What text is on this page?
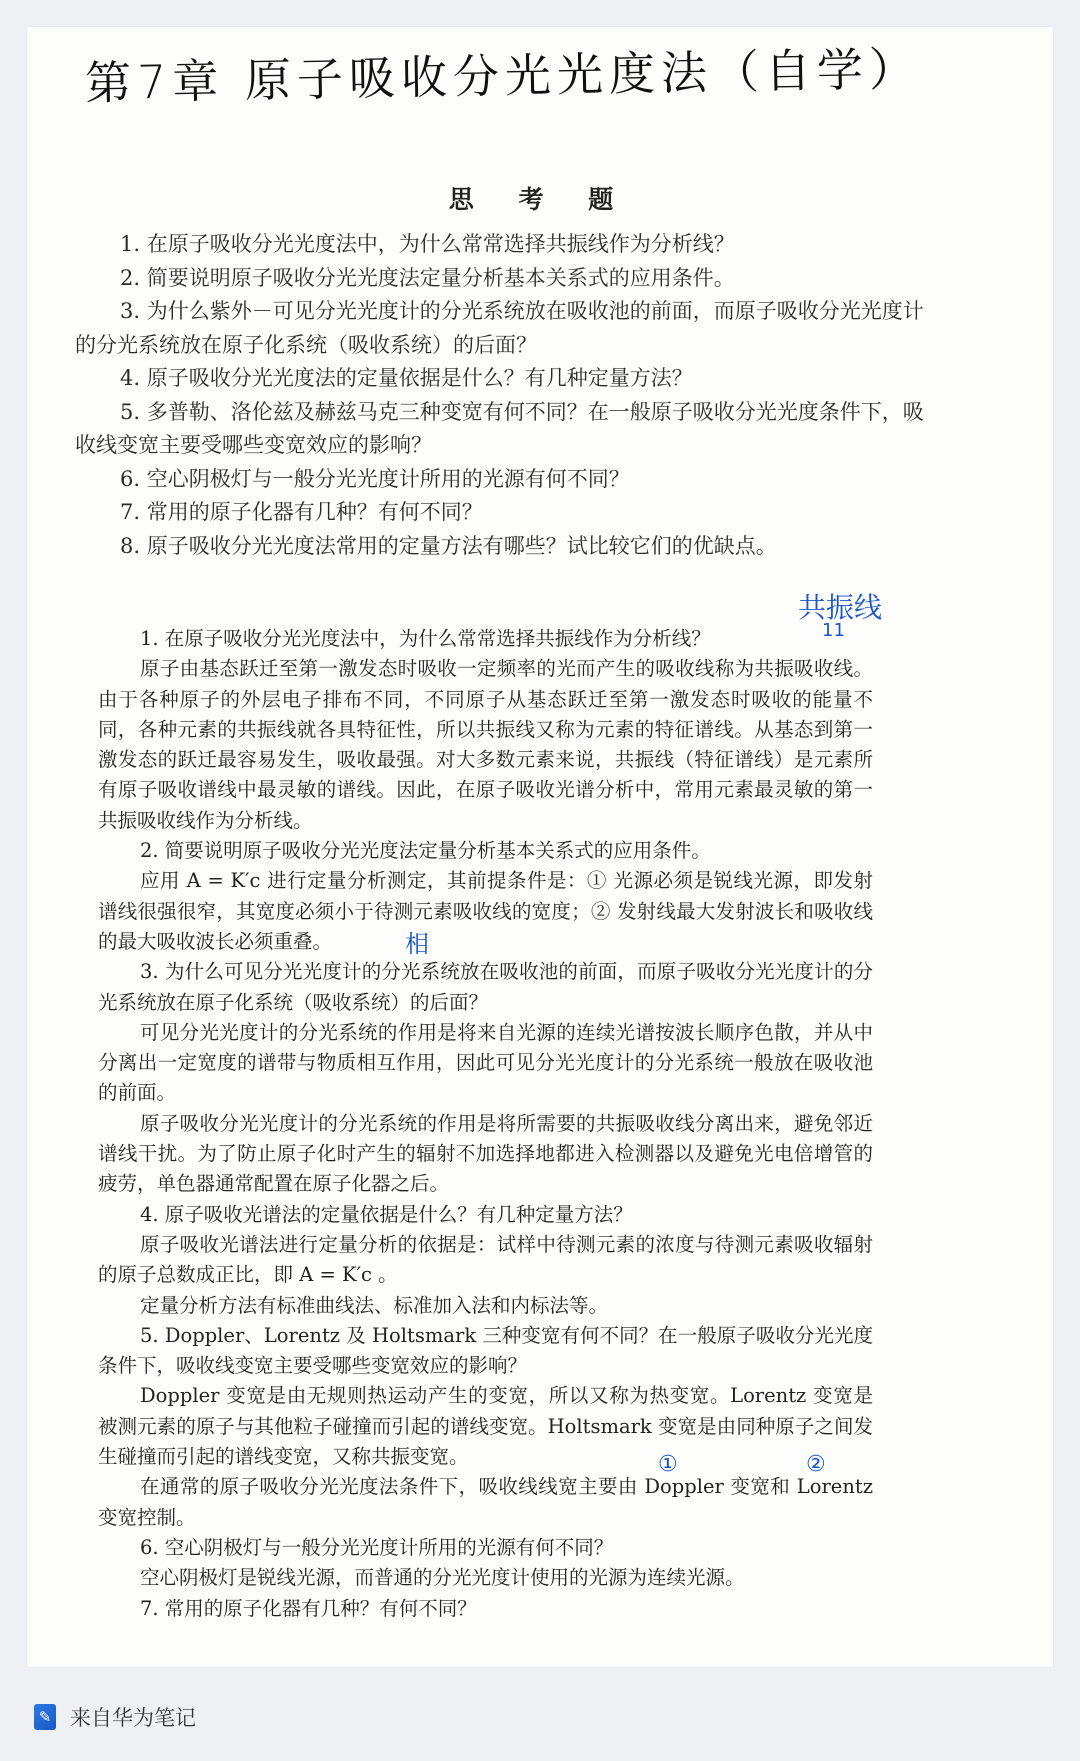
第7章 原子吸收分光光度法（自学）
思 考 题

1. 在原子吸收分光光度法中，为什么常常选择共振线作为分析线？

2. 简要说明原子吸收分光光度法定量分析基本关系式的应用条件。

3. 为什么紫外－可见分光光度计的分光系统放在吸收池的前面，而原子吸收分光光度计的分光系统放在原子化系统（吸收系统）的后面？

4. 原子吸收分光光度法的定量依据是什么？有几种定量方法？

5. 多普勒、洛伦兹及赫兹马克三种变宽有何不同？在一般原子吸收分光光度条件下，吸收线变宽主要受哪些变宽效应的影响？

6. 空心阴极灯与一般分光光度计所用的光源有何不同？

7. 常用的原子化器有几种？有何不同？

8. 原子吸收分光光度法常用的定量方法有哪些？试比较它们的优缺点。

共振线
11
相
①	②

1. 在原子吸收分光光度法中，为什么常常选择共振线作为分析线？

原子由基态跃迁至第一激发态时吸收一定频率的光而产生的吸收线称为共振吸收线。由于各种原子的外层电子排布不同，不同原子从基态跃迁至第一激发态时吸收的能量不同，各种元素的共振线就各具特征性，所以共振线又称为元素的特征谱线。从基态到第一激发态的跃迁最容易发生，吸收最强。对大多数元素来说，共振线（特征谱线）是元素所有原子吸收谱线中最灵敏的谱线。因此，在原子吸收光谱分析中，常用元素最灵敏的第一共振吸收线作为分析线。

2. 简要说明原子吸收分光光度法定量分析基本关系式的应用条件。

应用 A = K′c 进行定量分析测定，其前提条件是：① 光源必须是锐线光源，即发射谱线很强很窄，其宽度必须小于待测元素吸收线的宽度；② 发射线最大发射波长和吸收线的最大吸收波长必须重叠。

3. 为什么可见分光光度计的分光系统放在吸收池的前面，而原子吸收分光光度计的分光系统放在原子化系统（吸收系统）的后面？

可见分光光度计的分光系统的作用是将来自光源的连续光谱按波长顺序色散，并从中分离出一定宽度的谱带与物质相互作用，因此可见分光光度计的分光系统一般放在吸收池的前面。

原子吸收分光光度计的分光系统的作用是将所需要的共振吸收线分离出来，避免邻近谱线干扰。为了防止原子化时产生的辐射不加选择地都进入检测器以及避免光电倍增管的疲劳，单色器通常配置在原子化器之后。

4. 原子吸收光谱法的定量依据是什么？有几种定量方法？

原子吸收光谱法进行定量分析的依据是：试样中待测元素的浓度与待测元素吸收辐射的原子总数成正比，即 A = K′c 。

定量分析方法有标准曲线法、标准加入法和内标法等。

5. Doppler、Lorentz 及 Holtsmark 三种变宽有何不同？在一般原子吸收分光光度条件下，吸收线变宽主要受哪些变宽效应的影响？

Doppler 变宽是由无规则热运动产生的变宽，所以又称为热变宽。Lorentz 变宽是被测元素的原子与其他粒子碰撞而引起的谱线变宽。Holtsmark 变宽是由同种原子之间发生碰撞而引起的谱线变宽，又称共振变宽。

在通常的原子吸收分光光度法条件下，吸收线线宽主要由 Doppler 变宽和 Lorentz 变宽控制。

6. 空心阴极灯与一般分光光度计所用的光源有何不同？

空心阴极灯是锐线光源，而普通的分光光度计使用的光源为连续光源。

7. 常用的原子化器有几种？有何不同？

✎ 来自华为笔记
